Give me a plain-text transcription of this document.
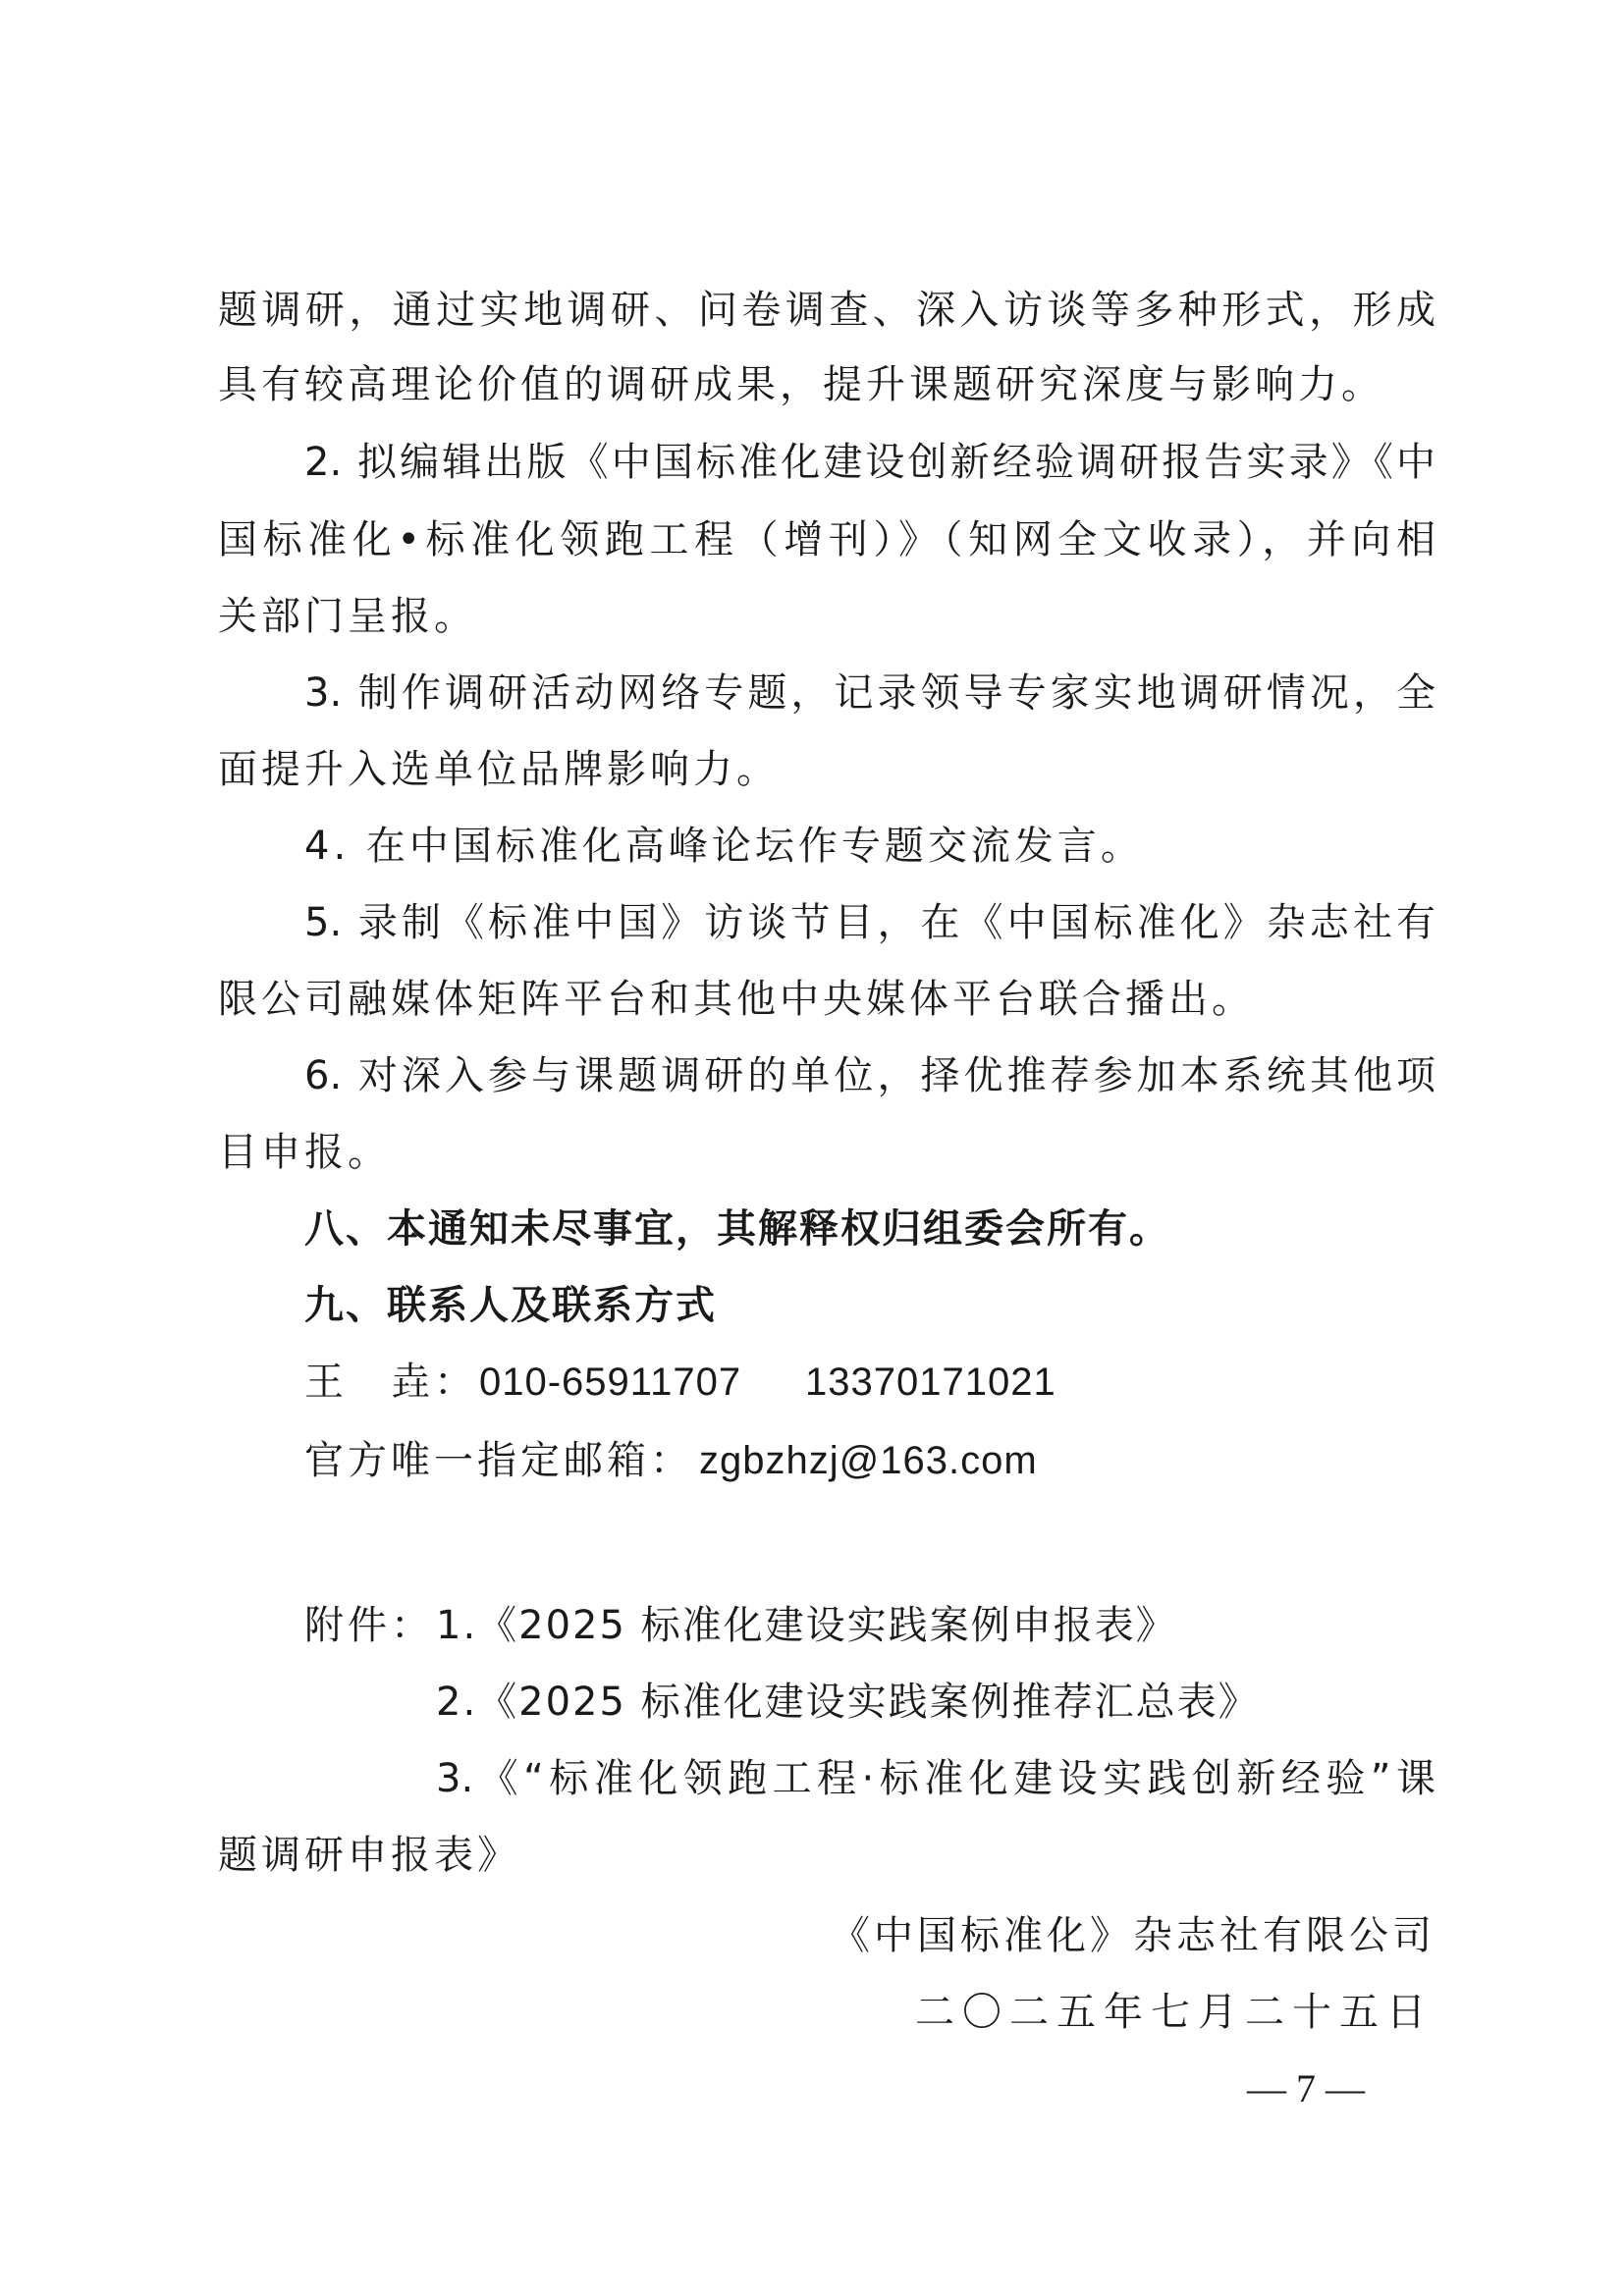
题调研，通过实地调研、问卷调查、深入访谈等多种形式，形成
具有较高理论价值的调研成果，提升课题研究深度与影响力。
2. 拟编辑出版《中国标准化建设创新经验调研报告实录》《中
国标准化•标准化领跑工程（增刊）》（知网全文收录），并向相
关部门呈报。
3. 制作调研活动网络专题，记录领导专家实地调研情况，全
面提升入选单位品牌影响力。
4. 在中国标准化高峰论坛作专题交流发言。
5. 录制《标准中国》访谈节目，在《中国标准化》杂志社有
限公司融媒体矩阵平台和其他中央媒体平台联合播出。
6. 对深入参与课题调研的单位，择优推荐参加本系统其他项
目申报。
八、本通知未尽事宜，其解释权归组委会所有。
九、联系人及联系方式
王　垚： 010-65911707 13370171021
官方唯一指定邮箱： zgbzhzj@163.com
附件： 1.《2025 标准化建设实践案例申报表》
2.《2025 标准化建设实践案例推荐汇总表》
3.《“标准化领跑工程·标准化建设实践创新经验”课
题调研申报表》
《中国标准化》杂志社有限公司
二〇二五年七月二十五日
— 7 —
